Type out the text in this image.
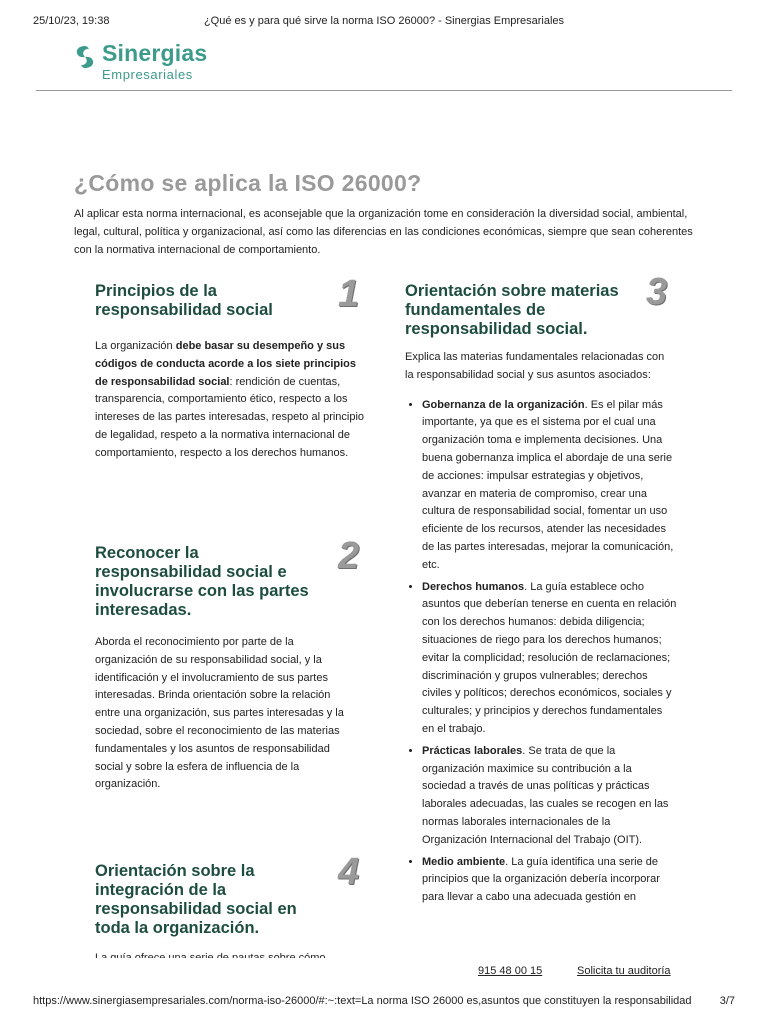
25/10/23, 19:38	¿Qué es y para qué sirve la norma ISO 26000? - Sinergias Empresariales
Sinergias
Empresariales
¿Cómo se aplica la ISO 26000?

Al aplicar esta norma internacional, es aconsejable que la organización tome en consideración la diversidad social, ambiental, legal, cultural, política y organizacional, así como las diferencias en las condiciones económicas, siempre que sean coherentes con la normativa internacional de comportamiento.

Principios de la responsabilidad social	1

La organización debe basar su desempeño y sus códigos de conducta acorde a los siete principios de responsabilidad social: rendición de cuentas, transparencia, comportamiento ético, respecto a los intereses de las partes interesadas, respeto al principio de legalidad, respeto a la normativa internacional de comportamiento, respecto a los derechos humanos.

Reconocer la responsabilidad social e involucrarse con las partes interesadas.
2

Aborda el reconocimiento por parte de la organización de su responsabilidad social, y la identificación y el involucramiento de sus partes interesadas. Brinda orientación sobre la relación entre una organización, sus partes interesadas y la sociedad, sobre el reconocimiento de las materias fundamentales y los asuntos de responsabilidad social y sobre la esfera de influencia de la organización.

Orientación sobre la integración de la responsabilidad social en toda la organización.
4

Orientación sobre materias fundamentales de responsabilidad social.
3

Explica las materias fundamentales relacionadas con la responsabilidad social y sus asuntos asociados:

• Gobernanza de la organización. Es el pilar más importante, ya que es el sistema por el cual una organización toma e implementa decisiones. Una buena gobernanza implica el abordaje de una serie de acciones: impulsar estrategias y objetivos, avanzar en materia de compromiso, crear una cultura de responsabilidad social, fomentar un uso eficiente de los recursos, atender las necesidades de las partes interesadas, mejorar la comunicación, etc.
• Derechos humanos. La guía establece ocho asuntos que deberían tenerse en cuenta en relación con los derechos humanos: debida diligencia; situaciones de riego para los derechos humanos; evitar la complicidad; resolución de reclamaciones; discriminación y grupos vulnerables; derechos civiles y políticos; derechos económicos, sociales y culturales; y principios y derechos fundamentales en el trabajo.
• Prácticas laborales. Se trata de que la organización maximice su contribución a la sociedad a través de unas políticas y prácticas laborales adecuadas, las cuales se recogen en las normas laborales internacionales de la Organización Internacional del Trabajo (OIT).
• Medio ambiente. La guía identifica una serie de principios que la organización debería incorporar para llevar a cabo una adecuada gestión en
915 48 00 15	Solicita tu auditoría
https://www.sinergiasempresariales.com/norma-iso-26000/#:~:text=La norma ISO 26000 es,asuntos que constituyen la responsabilidad	3/7
